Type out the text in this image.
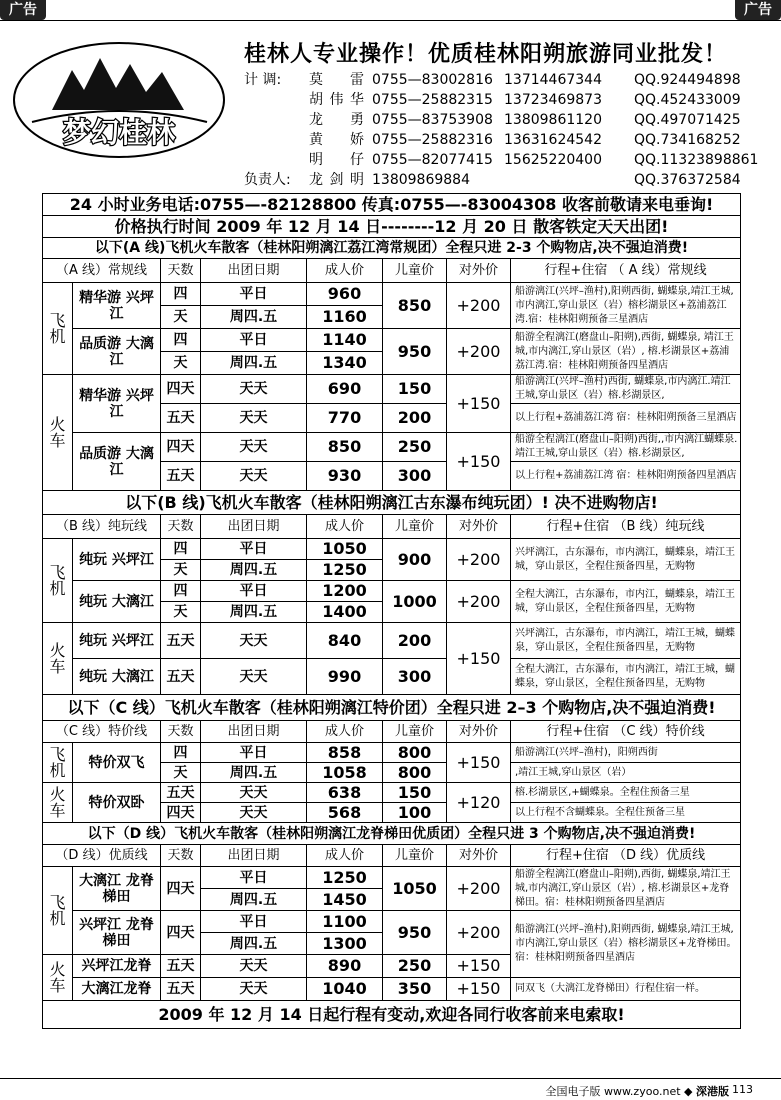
广告	广告
梦幻桂林
桂林人专业操作！优质桂林阳朔旅游同业批发！
计 调:	莫 雷 0755—83002816 13714467344	QQ.924494898
胡伟华 0755—25882315 13723469873	QQ.452433009
龙 勇 0755—83753908 13809861120	QQ.497071425
黄 娇 0755—25882316 13631624542	QQ.734168252
明 仔 0755—82077415 15625220400	QQ.11323898861
负责人:	龙剑明 13809869884	QQ.376372584
24 小时业务电话:0755—-82128800 传真:0755—-83004308 收客前敬请来电垂询!							
价格执行时间 2009 年 12 月 14 日--------12 月 20 日 散客铁定天天出团!							
以下(A 线)飞机火车散客（桂林阳朔漓江荔江湾常规团）全程只进 2-3 个购物店,决不强迫消费!							
（A 线）常规线		天数	出团日期	成人价	儿童价	对外价	行程+住宿 （ A 线）常规线
飞机	精华游 兴坪江	四	平日	960	850	+200	船游漓江(兴坪–渔村),阳朔西街, 蝴蝶泉,靖江王城,市内漓江,穿山景区（岩）榕杉湖景区+荔浦荔江湾.宿：桂林阳朔预备三星酒店
		天	周四.五	1160			
	品质游 大漓江	四	平日	1140	950	+200	船游全程漓江(磨盘山–阳朔),西街, 蝴蝶泉, 靖江王城,市内漓江,穿山景区（岩）, 榕.杉湖景区+荔浦荔江湾.宿：桂林阳朔预备四星酒店
		天	周四.五	1340			
火车	精华游 兴坪江	四天	天天	690	150	+150	船游漓江(兴坪–渔村)西街, 蝴蝶泉,市内漓江.靖江王城,穿山景区（岩）榕.杉湖景区,
		五天	天天	770	200		以上行程+荔浦荔江湾 宿：桂林阳朔预备三星酒店
	品质游 大漓江	四天	天天	850	250	+150	船游全程漓江(磨盘山–阳朔)西街,,市内漓江蝴蝶泉.靖江王城,穿山景区（岩）榕.杉湖景区,
		五天	天天	930	300		以上行程+荔浦荔江湾 宿：桂林阳朔预备四星酒店
以下(B 线)飞机火车散客（桂林阳朔漓江古东瀑布纯玩团）! 决不进购物店!							
（B 线）纯玩线		天数	出团日期	成人价	儿童价	对外价	行程+住宿 （B 线）纯玩线
飞机	纯玩 兴坪江	四	平日	1050	900	+200	兴坪漓江，古东瀑布，市内漓江，蝴蝶泉，靖江王城，穿山景区，全程住预备四星，无购物
		天	周四.五	1250			
	纯玩 大漓江	四	平日	1200	1000	+200	全程大漓江，古东瀑布，市内江，蝴蝶泉，靖江王城，穿山景区，全程住预备四星，无购物
		天	周四.五	1400			
火车	纯玩 兴坪江	五天	天天	840	200	+150	兴坪漓江，古东瀑布，市内漓江，靖江王城，蝴蝶泉，穿山景区，全程住预备四星，无购物
	纯玩 大漓江	五天	天天	990	300		全程大漓江，古东瀑布，市内漓江，靖江王城，蝴蝶泉，穿山景区，全程住预备四星，无购物
以下（C 线）飞机火车散客（桂林阳朔漓江特价团）全程只进 2–3 个购物店,决不强迫消费!							
（C 线）特价线		天数	出团日期	成人价	儿童价	对外价	行程+住宿 （C 线）特价线
飞机	特价双飞	四	平日	858	800	+150	船游漓江(兴坪–渔村)，阳朔西街
		天	周四.五	1058	800		,靖江王城,穿山景区（岩）
火车	特价双卧	五天	天天	638	150	+120	榕.杉湖景区,+蝴蝶泉。全程住预备三星
		四天	天天	568	100		以上行程不含蝴蝶泉。全程住预备三星
以下（D 线）飞机火车散客（桂林阳朔漓江龙脊梯田优质团）全程只进 3 个购物店,决不强迫消费!							
（D 线）优质线		天数	出团日期	成人价	儿童价	对外价	行程+住宿 （D 线）优质线
飞机	大漓江 龙脊梯田	四天	平日	1250	1050	+200	船游全程漓江(磨盘山–阳朔),西街, 蝴蝶泉,靖江王城,市内漓江,穿山景区（岩）, 榕.杉湖景区+龙脊梯田。宿：桂林阳朔预备四星酒店
			周四.五	1450			
	兴坪江 龙脊梯田	四天	平日	1100	950	+200	船游漓江(兴坪–渔村),阳朔西街, 蝴蝶泉,靖江王城,市内漓江,穿山景区（岩）榕杉湖景区+龙脊梯田。宿：桂林阳朔预备四星酒店
			周四.五	1300			
火车	兴坪江龙脊	五天	天天	890	250	+150	
	大漓江龙脊	五天	天天	1040	350	+150	同双飞（大漓江龙脊梯田）行程住宿一样。
2009 年 12 月 14 日起行程有变动,欢迎各同行收客前来电索取!							
全国电子版 www.zyoo.net ◆ 深港版 113
